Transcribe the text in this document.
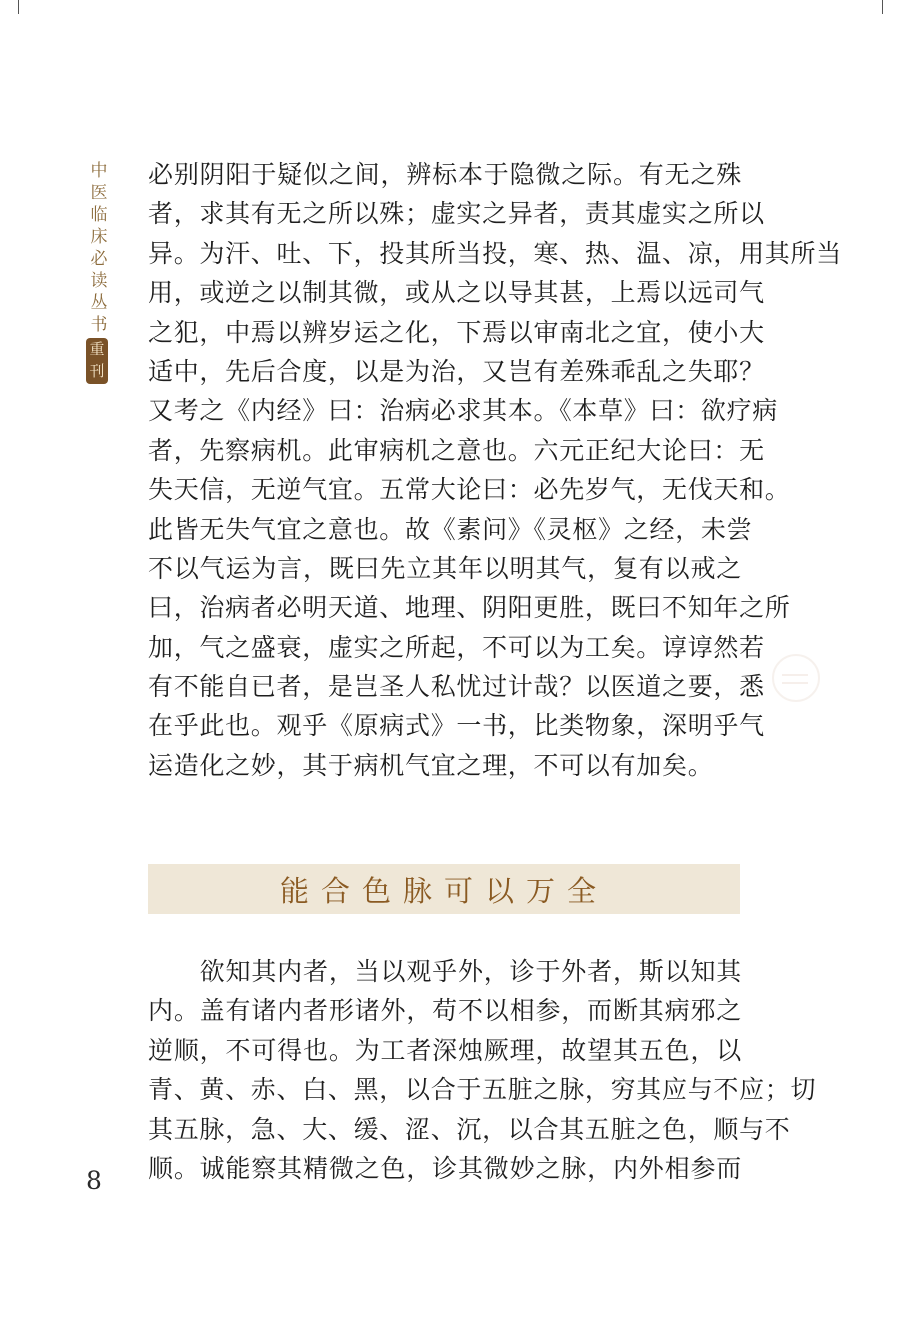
中
医
临
床
必
读
丛
书
重
刊
必别阴阳于疑似之间，辨标本于隐微之际。有无之殊
者，求其有无之所以殊；虚实之异者，责其虚实之所以
异。为汗、吐、下，投其所当投，寒、热、温、凉，用其所当
用，或逆之以制其微，或从之以导其甚，上焉以远司气
之犯，中焉以辨岁运之化，下焉以审南北之宜，使小大
适中，先后合度，以是为治，又岂有差殊乖乱之失耶？
又考之《内经》曰：治病必求其本。《本草》曰：欲疗病
者，先察病机。此审病机之意也。六元正纪大论曰：无
失天信，无逆气宜。五常大论曰：必先岁气，无伐天和。
此皆无失气宜之意也。故《素问》《灵枢》之经，未尝
不以气运为言，既曰先立其年以明其气，复有以戒之
曰，治病者必明天道、地理、阴阳更胜，既曰不知年之所
加，气之盛衰，虚实之所起，不可以为工矣。谆谆然若
有不能自已者，是岂圣人私忧过计哉？以医道之要，悉
在乎此也。观乎《原病式》一书，比类物象，深明乎气
运造化之妙，其于病机气宜之理，不可以有加矣。
能合色脉可以万全
　　欲知其内者，当以观乎外，诊于外者，斯以知其
内。盖有诸内者形诸外，苟不以相参，而断其病邪之
逆顺，不可得也。为工者深烛厥理，故望其五色，以
青、黄、赤、白、黑，以合于五脏之脉，穷其应与不应；切
其五脉，急、大、缓、涩、沉，以合其五脏之色，顺与不
顺。诚能察其精微之色，诊其微妙之脉，内外相参而
8
